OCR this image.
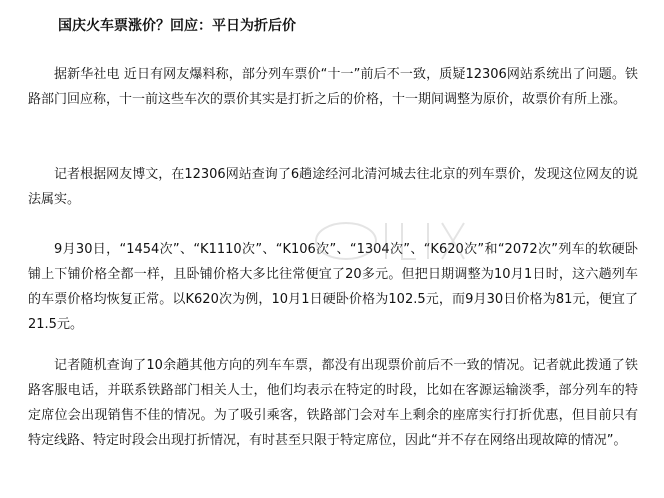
国庆火车票涨价？回应：平日为折后价

据新华社电 近日有网友爆料称，部分列车票价“十一”前后不一致，质疑12306网站系统出了问题。铁路部门回应称，十一前这些车次的票价其实是打折之后的价格，十一期间调整为原价，故票价有所上涨。

记者根据网友博文，在12306网站查询了6趟途经河北清河城去往北京的列车票价，发现这位网友的说法属实。

9月30日，“1454次”、“K1110次”、“K106次”、“1304次”、“K620次”和“2072次”列车的软硬卧铺上下铺价格全都一样，且卧铺价格大多比往常便宜了20多元。但把日期调整为10月1日时，这六趟列车的车票价格均恢复正常。以K620次为例，10月1日硬卧价格为102.5元，而9月30日价格为81元，便宜了21.5元。

记者随机查询了10余趟其他方向的列车车票，都没有出现票价前后不一致的情况。记者就此拨通了铁路客服电话，并联系铁路部门相关人士，他们均表示在特定的时段，比如在客源运输淡季，部分列车的特定席位会出现销售不佳的情况。为了吸引乘客，铁路部门会对车上剩余的座席实行打折优惠，但目前只有特定线路、特定时段会出现打折情况，有时甚至只限于特定席位，因此“并不存在网络出现故障的情况”。
